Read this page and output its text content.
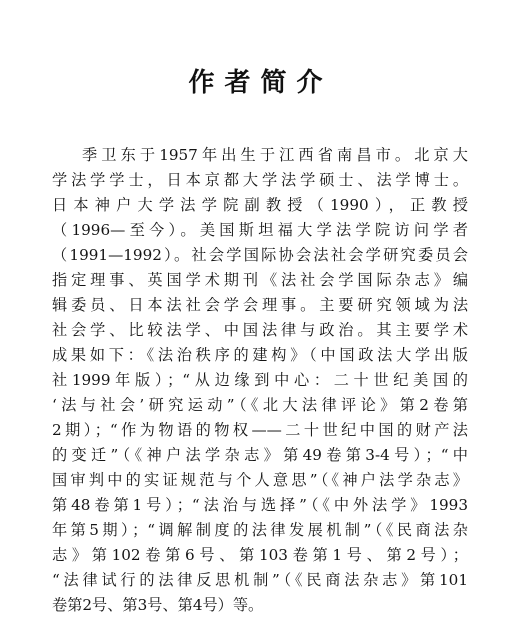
作者简介
季卫东于1957年出生于江西省南昌市。北京大
学法学学士，日本京都大学法学硕士、法学博士。
日本神户大学法学院副教授（1990），正教授
（1996—至今）。美国斯坦福大学法学院访问学者
（1991—1992）。社会学国际协会法社会学研究委员会
指定理事、英国学术期刊《法社会学国际杂志》编
辑委员、日本法社会学会理事。主要研究领域为法
社会学、比较法学、中国法律与政治。其主要学术
成果如下：《法治秩序的建构》（中国政法大学出版
社1999年版）；“从边缘到中心：二十世纪美国的
‘法与社会’研究运动”（《北大法律评论》第2卷第
2期）；“作为物语的物权——二十世纪中国的财产法
的变迁”（《神户法学杂志》第49卷第3-4号）；“中
国审判中的实证规范与个人意思”（《神户法学杂志》
第48卷第1号）；“法治与选择”（《中外法学》1993
年第5期）；“调解制度的法律发展机制”（《民商法杂
志》第102卷第6号、第103卷第1号、第2号）；
“法律试行的法律反思机制”（《民商法杂志》第101
卷第2号、第3号、第4号）等。
